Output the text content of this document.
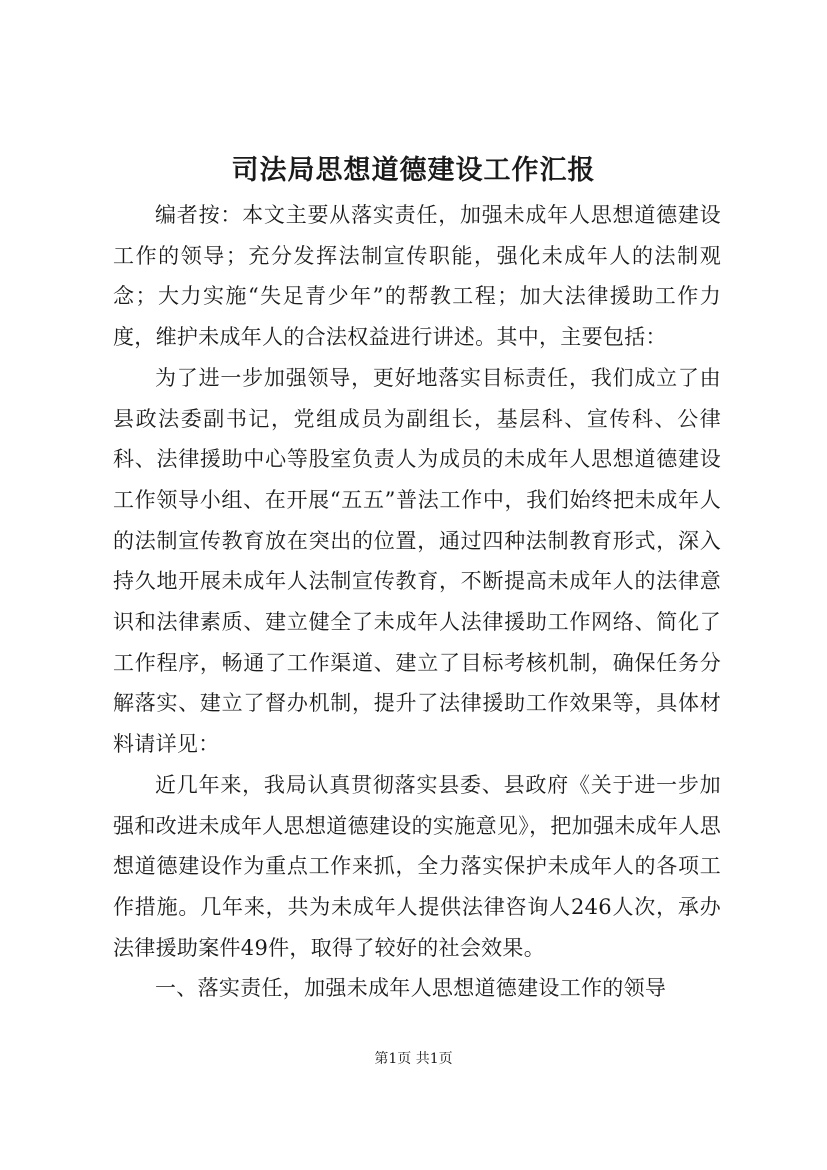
司法局思想道德建设工作汇报

编者按：本文主要从落实责任，加强未成年人思想道德建设工作的领导；充分发挥法制宣传职能，强化未成年人的法制观念；大力实施“失足青少年”的帮教工程；加大法律援助工作力度，维护未成年人的合法权益进行讲述。其中，主要包括：

为了进一步加强领导，更好地落实目标责任，我们成立了由县政法委副书记，党组成员为副组长，基层科、宣传科、公律科、法律援助中心等股室负责人为成员的未成年人思想道德建设工作领导小组、在开展“五五”普法工作中，我们始终把未成年人的法制宣传教育放在突出的位置，通过四种法制教育形式，深入持久地开展未成年人法制宣传教育，不断提高未成年人的法律意识和法律素质、建立健全了未成年人法律援助工作网络、简化了工作程序，畅通了工作渠道、建立了目标考核机制，确保任务分解落实、建立了督办机制，提升了法律援助工作效果等，具体材料请详见：

近几年来，我局认真贯彻落实县委、县政府《关于进一步加强和改进未成年人思想道德建设的实施意见》，把加强未成年人思想道德建设作为重点工作来抓，全力落实保护未成年人的各项工作措施。几年来，共为未成年人提供法律咨询人246人次，承办法律援助案件49件，取得了较好的社会效果。

一、落实责任，加强未成年人思想道德建设工作的领导

第1页 共1页
